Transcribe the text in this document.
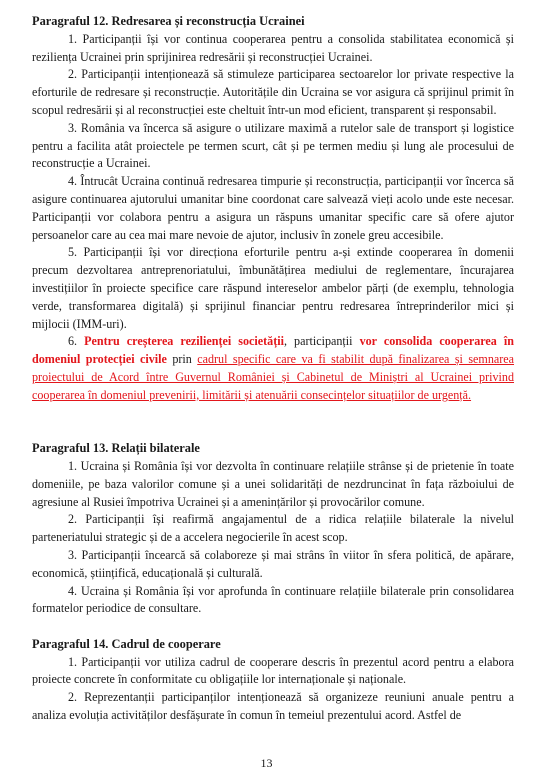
Paragraful 12. Redresarea și reconstrucția Ucrainei

1. Participanții își vor continua cooperarea pentru a consolida stabilitatea economică și reziliența Ucrainei prin sprijinirea redresării și reconstrucției Ucrainei.

2. Participanții intenționează să stimuleze participarea sectoarelor lor private respective la eforturile de redresare și reconstrucție. Autoritățile din Ucraina se vor asigura că sprijinul primit în scopul redresării și al reconstrucției este cheltuit într-un mod eficient, transparent și responsabil.

3. România va încerca să asigure o utilizare maximă a rutelor sale de transport și logistice pentru a facilita atât proiectele pe termen scurt, cât și pe termen mediu și lung ale procesului de reconstrucție a Ucrainei.

4. Întrucât Ucraina continuă redresarea timpurie și reconstrucția, participanții vor încerca să asigure continuarea ajutorului umanitar bine coordonat care salvează vieți acolo unde este necesar. Participanții vor colabora pentru a asigura un răspuns umanitar specific care să ofere ajutor persoanelor care au cea mai mare nevoie de ajutor, inclusiv în zonele greu accesibile.

5. Participanții își vor direcționa eforturile pentru a-și extinde cooperarea în domenii precum dezvoltarea antreprenoriatului, îmbunătățirea mediului de reglementare, încurajarea investițiilor în proiecte specifice care răspund intereselor ambelor părți (de exemplu, tehnologia verde, transformarea digitală) și sprijinul financiar pentru redresarea întreprinderilor mici și mijlocii (IMM-uri).

6. Pentru creșterea rezilienței societății, participanții vor consolida cooperarea în domeniul protecției civile prin cadrul specific care va fi stabilit după finalizarea și semnarea proiectului de Acord între Guvernul României și Cabinetul de Miniștri al Ucrainei privind cooperarea în domeniul prevenirii, limitării și atenuării consecințelor situațiilor de urgență.

Paragraful 13. Relații bilaterale

1. Ucraina și România își vor dezvolta în continuare relațiile strânse și de prietenie în toate domeniile, pe baza valorilor comune și a unei solidarități de nezdruncinat în fața războiului de agresiune al Rusiei împotriva Ucrainei și a amenințărilor și provocărilor comune.

2. Participanții își reafirmă angajamentul de a ridica relațiile bilaterale la nivelul parteneriatului strategic și de a accelera negocierile în acest scop.

3. Participanții încearcă să colaboreze și mai strâns în viitor în sfera politică, de apărare, economică, științifică, educațională și culturală.

4. Ucraina și România își vor aprofunda în continuare relațiile bilaterale prin consolidarea formatelor periodice de consultare.

Paragraful 14. Cadrul de cooperare

1. Participanții vor utiliza cadrul de cooperare descris în prezentul acord pentru a elabora proiecte concrete în conformitate cu obligațiile lor internaționale și naționale.

2. Reprezentanții participanților intenționează să organizeze reuniuni anuale pentru a analiza evoluția activităților desfășurate în comun în temeiul prezentului acord. Astfel de

13
